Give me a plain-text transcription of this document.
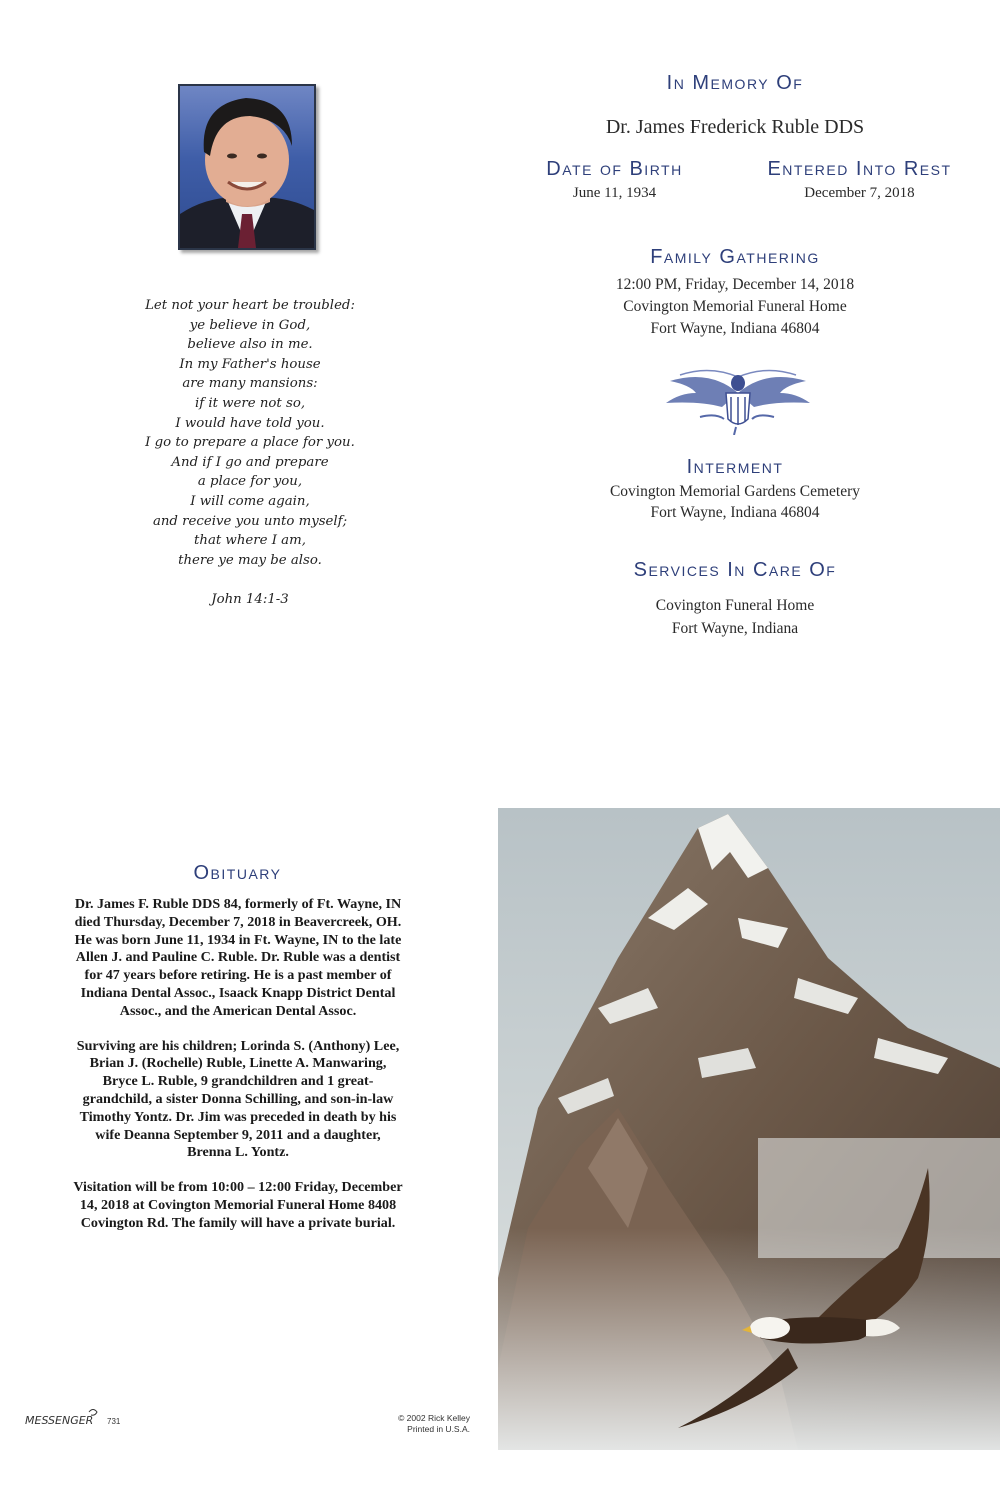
Let not your heart be troubled:
ye believe in God,
believe also in me.
In my Father's house
are many mansions:
if it were not so,
I would have told you.
I go to prepare a place for you.
And if I go and prepare
a place for you,
I will come again,
and receive you unto myself;
that where I am,
there ye may be also.
John 14:1-3
In Memory Of
Dr. James Frederick Ruble DDS
Date of Birth
June 11, 1934
Entered Into Rest
December 7, 2018
Family Gathering
12:00 PM, Friday, December 14, 2018
Covington Memorial Funeral Home
Fort Wayne, Indiana 46804
Interment
Covington Memorial Gardens Cemetery
Fort Wayne, Indiana 46804
Services In Care Of
Covington Funeral Home
Fort Wayne, Indiana
Obituary

Dr. James F. Ruble DDS 84, formerly of Ft. Wayne, IN died Thursday, December 7, 2018 in Beavercreek, OH. He was born June 11, 1934 in Ft. Wayne, IN to the late Allen J. and Pauline C. Ruble. Dr. Ruble was a dentist for 47 years before retiring. He is a past member of Indiana Dental Assoc., Isaack Knapp District Dental Assoc., and the American Dental Assoc.

Surviving are his children; Lorinda S. (Anthony) Lee, Brian J. (Rochelle) Ruble, Linette A. Manwaring, Bryce L. Ruble, 9 grandchildren and 1 great-grandchild, a sister Donna Schilling, and son-in-law Timothy Yontz. Dr. Jim was preceded in death by his wife Deanna September 9, 2011 and a daughter, Brenna L. Yontz.

Visitation will be from 10:00 – 12:00 Friday, December 14, 2018 at Covington Memorial Funeral Home 8408 Covington Rd. The family will have a private burial.

MESSENGER 731	© 2002 Rick Kelley
Printed in U.S.A.
